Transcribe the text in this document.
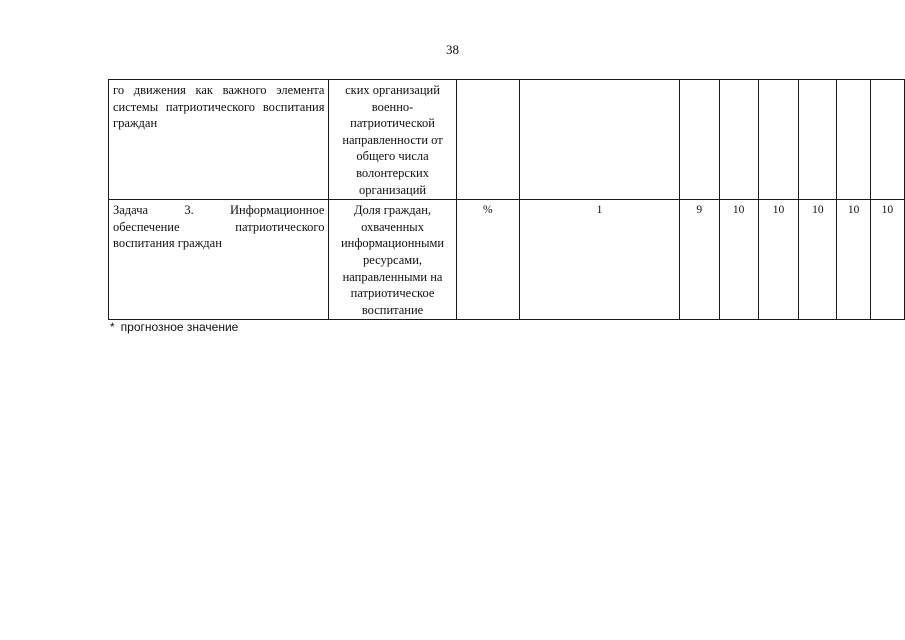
38
го движения как важного элемента системы патриотического воспитания граждан	ских организаций военно-патриотической направленности от общего числа волонтерских организаций								
Задача 3. Информационное обеспечение патриотического воспитания граждан	Доля граждан, охваченных информационными ресурсами, направленными на патриотическое воспитание	%	1	9	10	10	10	10	10
* прогнозное значение
